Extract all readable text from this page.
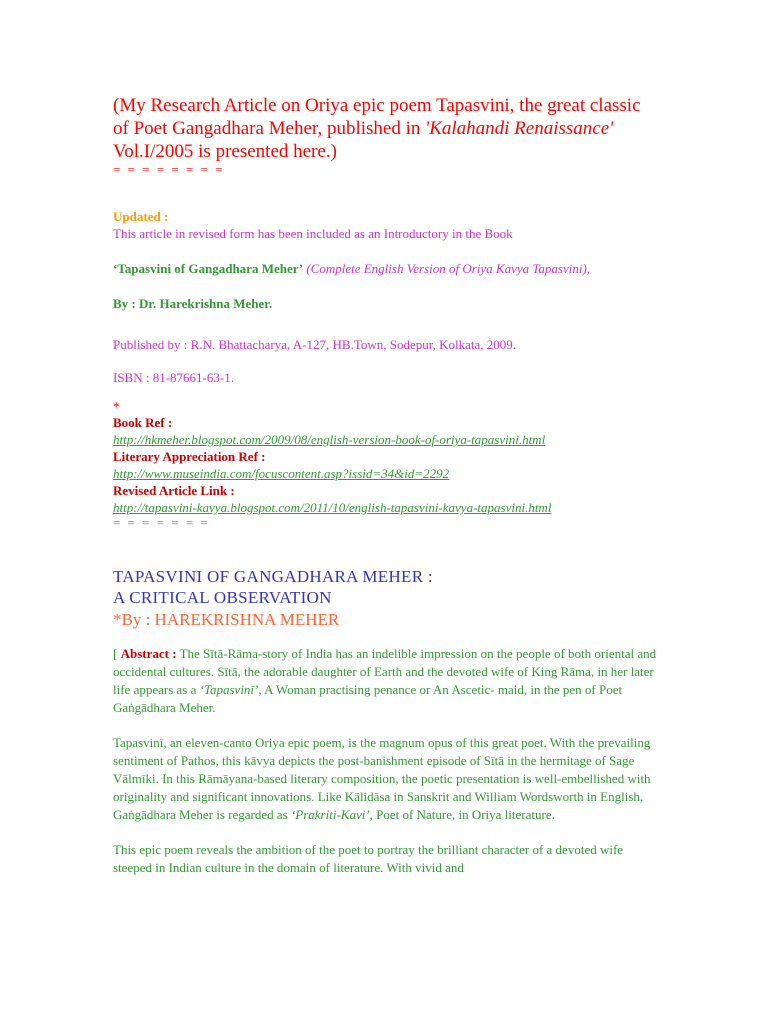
(My Research Article on Oriya epic poem Tapasvini, the great classic of Poet Gangadhara Meher, published in 'Kalahandi Renaissance' Vol.I/2005 is presented here.)

= = = = = = = =

Updated :
This article in revised form has been included as an Introductory in the Book
‘Tapasvini of Gangadhara Meher’ (Complete English Version of Oriya Kavya Tapasvini),
By : Dr. Harekrishna Meher.
Published by : R.N. Bhattacharya, A-127, HB.Town, Sodepur, Kolkata, 2009.
ISBN : 81-87661-63-1.
*
Book Ref :
http://hkmeher.blogspot.com/2009/08/english-version-book-of-oriya-tapasvini.html
Literary Appreciation Ref :
http://www.museindia.com/focuscontent.asp?issid=34&id=2292
Revised Article Link :
http://tapasvini-kavya.blogspot.com/2011/10/english-tapasvini-kavya-tapasvini.html
= = = = = = =
TAPASVINI OF GANGADHARA MEHER :
A CRITICAL OBSERVATION
*By : HAREKRISHNA MEHER

[ Abstract : The Sītā-Rāma-story of India has an indelible impression on the people of both oriental and occidental cultures. Sītā, the adorable daughter of Earth and the devoted wife of King Rāma, in her later life appears as a ‘Tapasvinī’, A Woman practising penance or An Ascetic- maid, in the pen of Poet Gaṅgādhara Meher.

Tapasvinī, an eleven-canto Oriya epic poem, is the magnum opus of this great poet. With the prevailing sentiment of Pathos, this kāvya depicts the post-banishment episode of Sītā in the hermitage of Sage Vālmīki. In this Rāmāyana-based literary composition, the poetic presentation is well-embellished with originality and significant innovations. Like Kālidāsa in Sanskrit and William Wordsworth in English, Gaṅgādhara Meher is regarded as ‘Prakriti-Kavi’, Poet of Nature, in Oriya literature.

This epic poem reveals the ambition of the poet to portray the brilliant character of a devoted wife steeped in Indian culture in the domain of literature. With vivid and
